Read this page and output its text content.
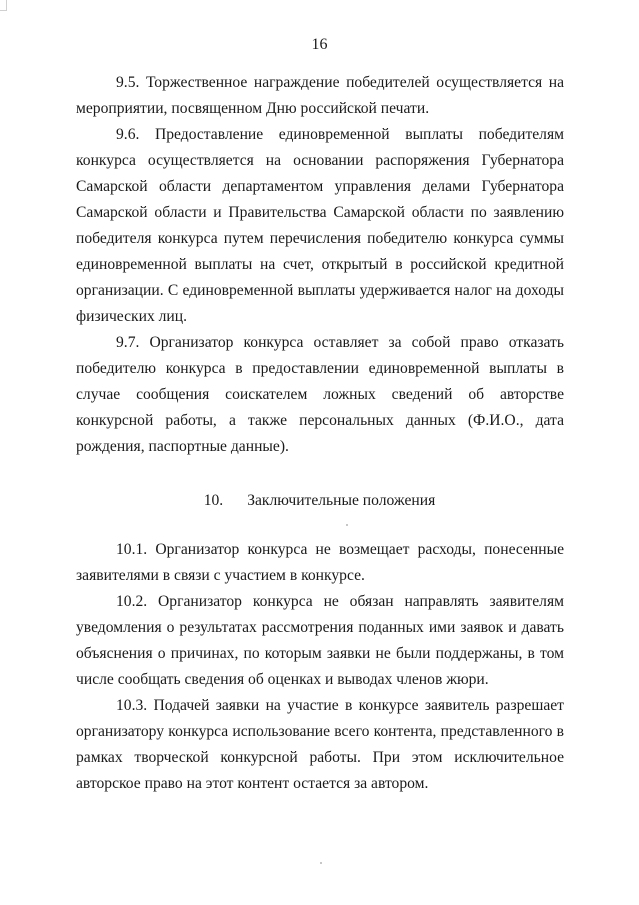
16

9.5. Торжественное награждение победителей осуществляется на мероприятии, посвященном Дню российской печати.

9.6. Предоставление единовременной выплаты победителям конкурса осуществляется на основании распоряжения Губернатора Самарской области департаментом управления делами Губернатора Самарской области и Правительства Самарской области по заявлению победителя конкурса путем перечисления победителю конкурса суммы единовременной выплаты на счет, открытый в российской кредитной организации. С единовременной выплаты удерживается налог на доходы физических лиц.

9.7. Организатор конкурса оставляет за собой право отказать победителю конкурса в предоставлении единовременной выплаты в случае сообщения соискателем ложных сведений об авторстве конкурсной работы, а также персональных данных (Ф.И.О., дата рождения, паспортные данные).

10. Заключительные положения

10.1. Организатор конкурса не возмещает расходы, понесенные заявителями в связи с участием в конкурсе.

10.2. Организатор конкурса не обязан направлять заявителям уведомления о результатах рассмотрения поданных ими заявок и давать объяснения о причинах, по которым заявки не были поддержаны, в том числе сообщать сведения об оценках и выводах членов жюри.

10.3. Подачей заявки на участие в конкурсе заявитель разрешает организатору конкурса использование всего контента, представленного в рамках творческой конкурсной работы. При этом исключительное авторское право на этот контент остается за автором.
